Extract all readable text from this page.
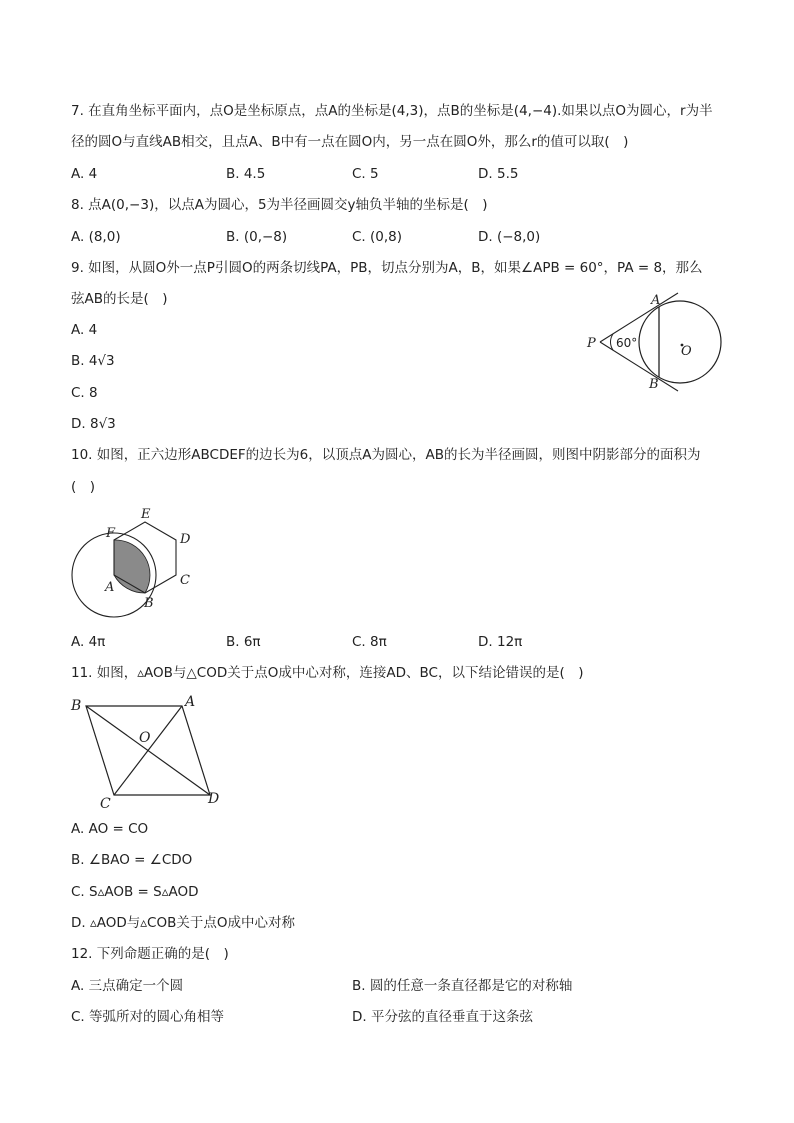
7. 在直角坐标平面内，点O是坐标原点，点A的坐标是(4,3)，点B的坐标是(4,−4).如果以点O为圆心，r为半
径的圆O与直线AB相交，且点A、B中有一点在圆O内，另一点在圆O外，那么r的值可以取(　)
A. 4	B. 4.5	C. 5	D. 5.5
8. 点A(0,−3)，以点A为圆心，5为半径画圆交y轴负半轴的坐标是(　)
A. (8,0)	B. (0,−8)	C. (0,8)	D. (−8,0)
9. 如图，从圆O外一点P引圆O的两条切线PA，PB，切点分别为A，B，如果∠APB = 60°，PA = 8，那么
弦AB的长是(　)
A. 4
B. 4√3
C. 8
D. 8√3
P
A
B
O
60°
10. 如图，正六边形ABCDEF的边长为6，以顶点A为圆心，AB的长为半径画圆，则图中阴影部分的面积为
(　)
A
B
C
D
E
F
A. 4π	B. 6π	C. 8π	D. 12π
11. 如图，▵AOB与△COD关于点O成中心对称，连接AD、BC，以下结论错误的是(　)
B	A
O
C	D
A. AO = CO
B. ∠BAO = ∠CDO
C. S▵AOB = S▵AOD
D. ▵AOD与▵COB关于点O成中心对称
12. 下列命题正确的是(　)
A. 三点确定一个圆	B. 圆的任意一条直径都是它的对称轴
C. 等弧所对的圆心角相等	D. 平分弦的直径垂直于这条弦
